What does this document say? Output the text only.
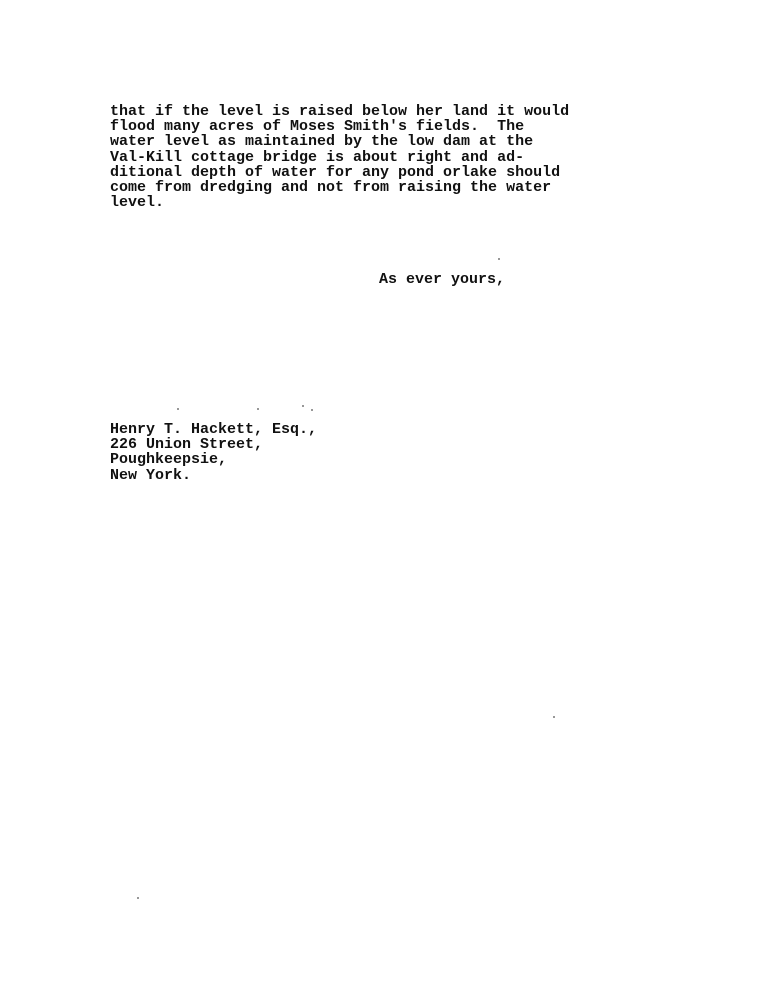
that if the level is raised below her land it would
flood many acres of Moses Smith's fields.  The
water level as maintained by the low dam at the
Val-Kill cottage bridge is about right and ad-
ditional depth of water for any pond orlake should
come from dredging and not from raising the water
level.
As ever yours,
Henry T. Hackett, Esq.,
226 Union Street,
Poughkeepsie,
New York.
